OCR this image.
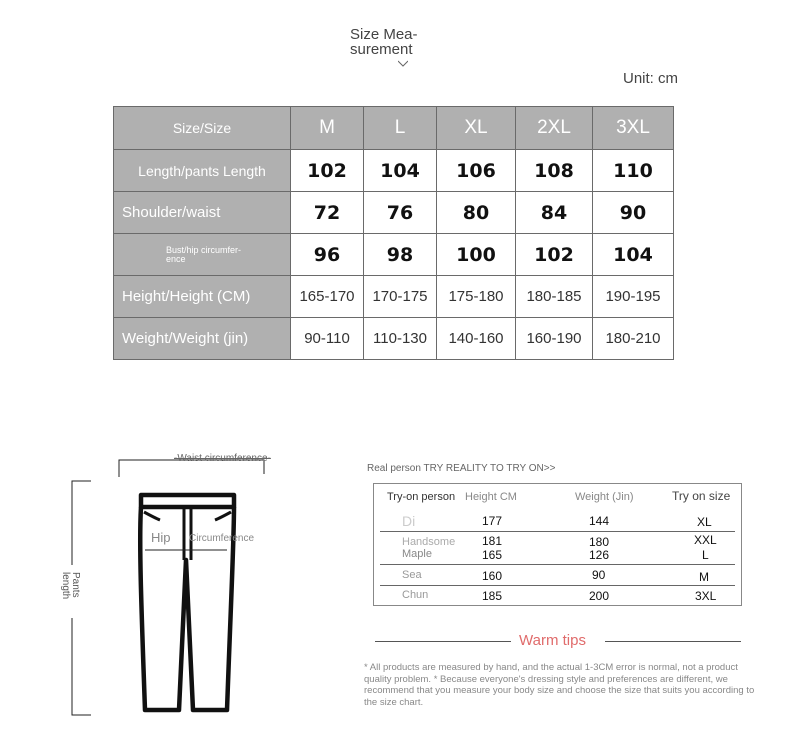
Size Mea-
surement
Unit: cm
Size/Size	M	L	XL	2XL	3XL
Length/pants Length	102	104	106	108	110
Shoulder/waist	72	76	80	84	90

Bust/hip circumfer-
ence	96	98	100	102	104
Height/Height (CM)	165-170	170-175	175-180	180-185	190-195
Weight/Weight (jin)	90-110	110-130	140-160	160-190	180-210
-Waist circumference-
Hip Circumference
Pants
length
Real person TRY REALITY TO TRY ON>>
Try-on person Height CM	Weight (Jin)	Try on size
Di	177	144	XL
Handsome 181	180	XXL
Maple	165	126	L
Sea	160	90	M
Chun	185	200	3XL
Warm tips
* All products are measured by hand, and the actual 1-3CM error is normal, not a product quality problem. * Because everyone's dressing style and preferences are different, we recommend that you measure your body size and choose the size that suits you according to the size chart.
